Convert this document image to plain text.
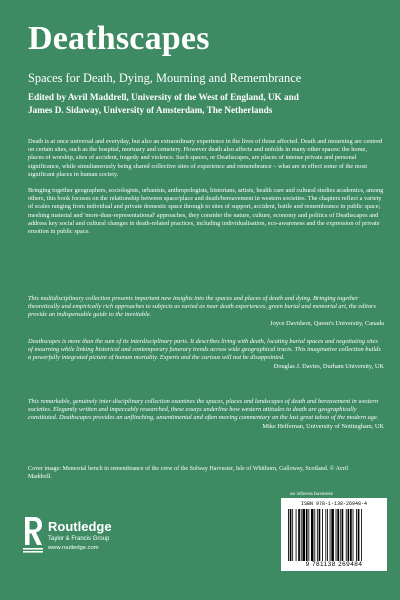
Deathscapes
Spaces for Death, Dying, Mourning and Remembrance
Edited by Avril Maddrell, University of the West of England, UK and
James D. Sidaway, University of Amsterdam, The Netherlands

Death is at once universal and everyday, but also an extraordinary experience in the lives of those affected. Death and mourning are centred on certain sites, such as the hospital, mortuary and cemetery. However death also affects and unfolds in many other spaces: the home, places of worship, sites of accident, tragedy and violence. Such spaces, or Deathscapes, are places of intense private and personal significance, while simultaneously being shared collective sites of experience and remembrance – what are in effect some of the most significant places in human society.

Bringing together geographers, sociologists, urbanists, anthropologists, historians, artists, health care and cultural studies academics, among others, this book focuses on the relationship between space/place and death/bereavement in western societies. The chapters reflect a variety of scales ranging from individual and private domestic space through to sites of support, accident, battle and remembrance in public space; meshing material and 'more-than-representational' approaches, they consider the nature, culture, economy and politics of Deathscapes and address key social and cultural changes in death-related practices, including individualisation, eco-awareness and the expression of private emotion in public space.

This multidisciplinary collection presents important new insights into the spaces and places of death and dying. Bringing together theoretically and empirically rich approaches to subjects as varied as near death experiences, green burial and memorial art, the editors provide an indispensable guide to the inevitable.

Joyce Davidson, Queen's University, Canada

Deathscapes is more than the sum of its interdisciplinary parts. It describes living with death, locating burial spaces and negotiating sites of mourning while linking historical and contemporary funerary trends across wide geographical tracts. This imaginative collection builds a powerfully integrated picture of human mortality. Experts and the curious will not be disappointed.

Douglas J. Davies, Durham University, UK

This remarkable, genuinely inter-disciplinary collection examines the spaces, places and landscapes of death and bereavement in western societies. Elegantly written and impeccably researched, these essays underline how western attitudes to death are geographically constituted. Deathscapes provides an unflinching, unsentimental and often moving commentary on the last great taboo of the modern age.

Mike Heffernan, University of Nottingham, UK

Cover image: Memorial bench in remembrance of the crew of the Solway Harvester, Isle of Whithorn, Galloway, Scotland. © Avril Maddrell.

Routledge
Taylor & Francis Group
www.routledge.com
an informa business
ISBN 978-1-138-26948-4
9 781138 269484
